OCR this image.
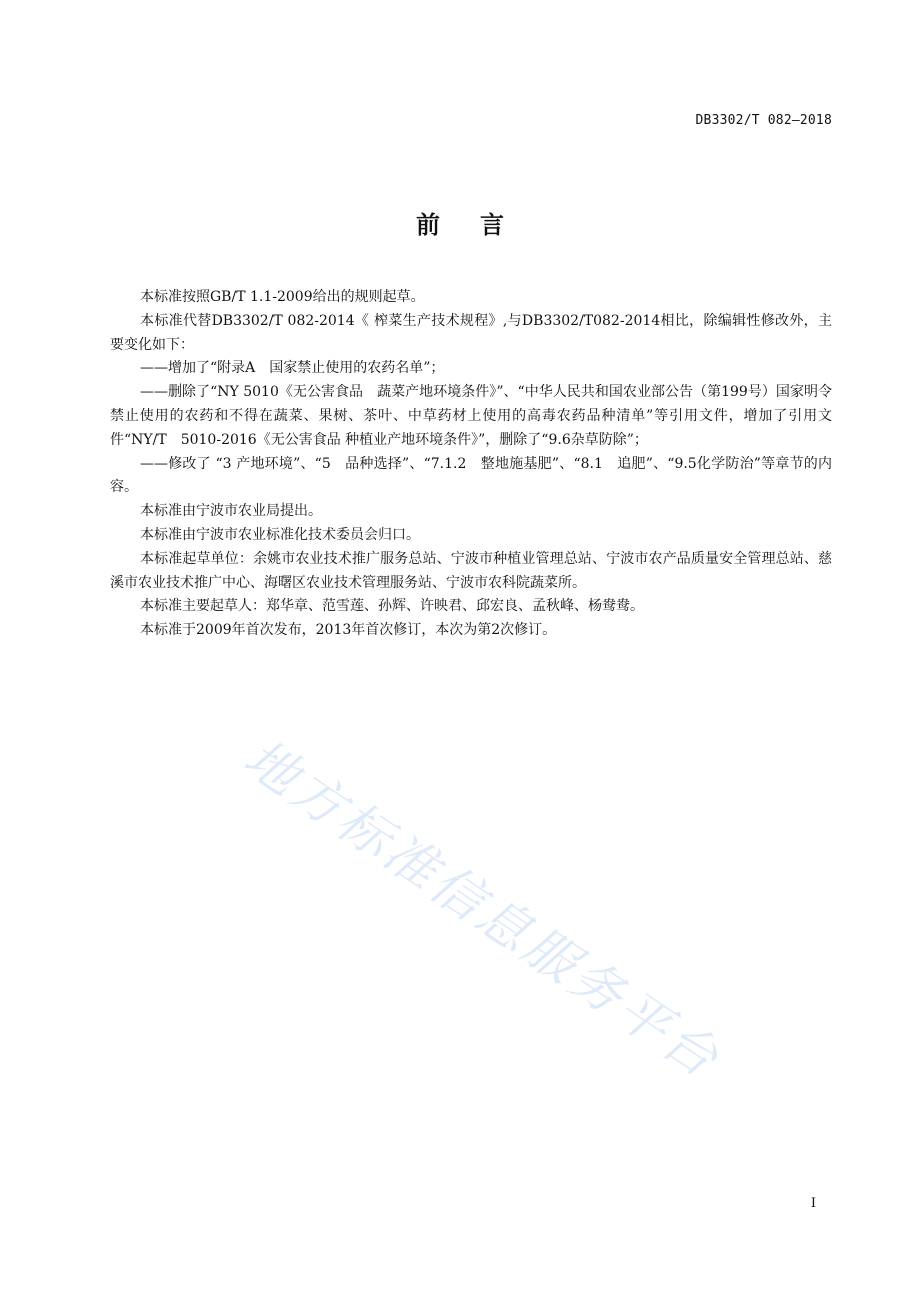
DB3302/T 082—2018
前言

本标准按照GB/T 1.1-2009给出的规则起草。

本标准代替DB3302/T 082-2014《 榨菜生产技术规程》,与DB3302/T082-2014相比，除编辑性修改外，主要变化如下：

——增加了“附录A　国家禁止使用的农药名单”；

——删除了“NY 5010《无公害食品　蔬菜产地环境条件》”、“中华人民共和国农业部公告（第199号）国家明令禁止使用的农药和不得在蔬菜、果树、茶叶、中草药材上使用的高毒农药品种清单”等引用文件，增加了引用文件“NY/T　5010-2016《无公害食品 种植业产地环境条件》”，删除了“9.6杂草防除”；

——修改了 “3 产地环境”、“5　品种选择”、“7.1.2　整地施基肥”、“8.1　追肥”、“9.5化学防治”等章节的内容。

本标准由宁波市农业局提出。

本标准由宁波市农业标准化技术委员会归口。

本标准起草单位：余姚市农业技术推广服务总站、宁波市种植业管理总站、宁波市农产品质量安全管理总站、慈溪市农业技术推广中心、海曙区农业技术管理服务站、宁波市农科院蔬菜所。

本标准主要起草人：郑华章、范雪莲、孙辉、许映君、邱宏良、孟秋峰、杨鸯鸯。

本标准于2009年首次发布，2013年首次修订，本次为第2次修订。

地方标准信息服务平台
I
